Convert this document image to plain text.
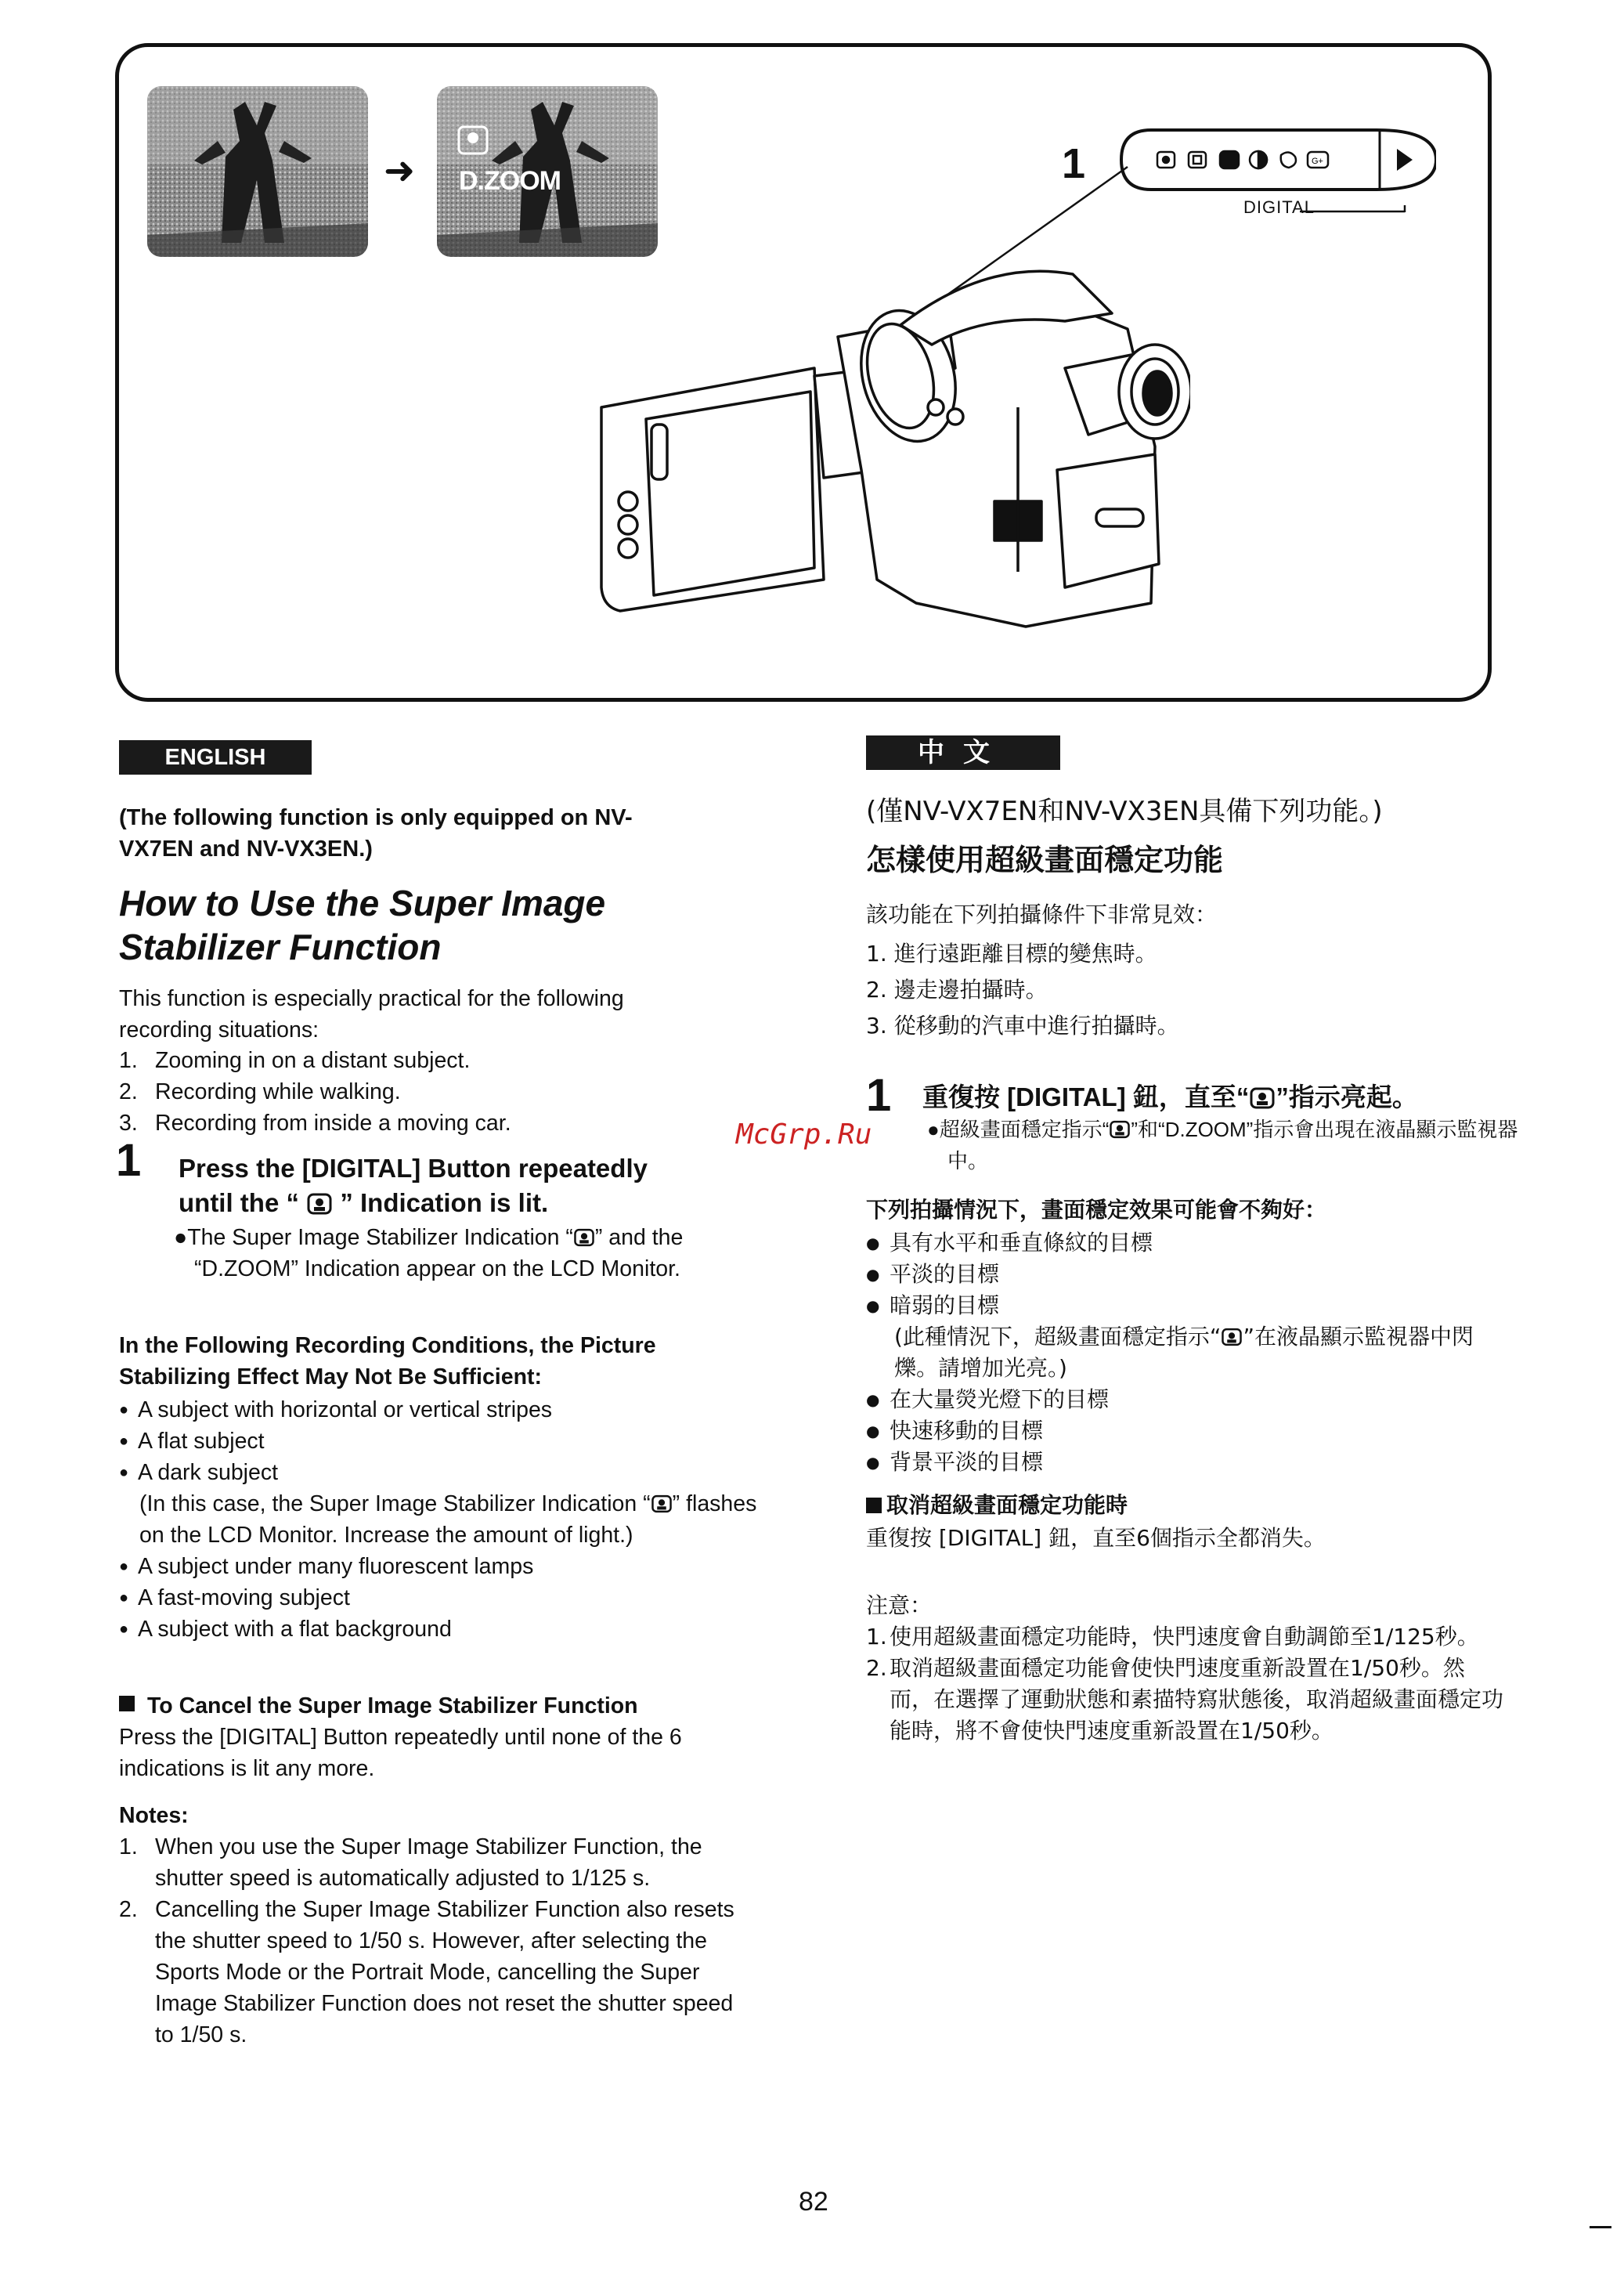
➜ D.ZOOM	1	G+
DIGITAL
ENGLISH	中文
(The following function is only equipped on NV-VX7EN and NV-VX3EN.)
How to Use the Super Image
Stabilizer Function
This function is especially practical for the following recording situations:
1. Zooming in on a distant subject.
2. Recording while walking.
3. Recording from inside a moving car.
1 Press the [DIGITAL] Button repeatedly
until the “ ” Indication is lit.
●The Super Image Stabilizer Indication “ ” and the “D.ZOOM” Indication appear on the LCD Monitor.
In the Following Recording Conditions, the Picture Stabilizing Effect May Not Be Sufficient:
● A subject with horizontal or vertical stripes
● A flat subject
● A dark subject
(In this case, the Super Image Stabilizer Indication “ ” flashes on the LCD Monitor. Increase the amount of light.)
● A subject under many fluorescent lamps
● A fast-moving subject
● A subject with a flat background
To Cancel the Super Image Stabilizer Function
Press the [DIGITAL] Button repeatedly until none of the 6 indications is lit any more.
Notes:
1. When you use the Super Image Stabilizer Function, the shutter speed is automatically adjusted to 1/125 s.
2. Cancelling the Super Image Stabilizer Function also resets the shutter speed to 1/50 s. However, after selecting the Sports Mode or the Portrait Mode, cancelling the Super Image Stabilizer Function does not reset the shutter speed to 1/50 s.
McGrp.Ru
(僅NV-VX7EN和NV-VX3EN具備下列功能。)
怎樣使用超級畫面穩定功能
該功能在下列拍攝條件下非常見效：
1. 進行遠距離目標的變焦時。
2. 邊走邊拍攝時。
3. 從移動的汽車中進行拍攝時。
1 重復按 [DIGITAL] 鈕，直至“ ”指示亮起。
●超級畫面穩定指示“ ”和“D.ZOOM”指示會出現在液晶顯示監視器中。
下列拍攝情況下，畫面穩定效果可能會不夠好：
● 具有水平和垂直條紋的目標
● 平淡的目標
● 暗弱的目標
(此種情況下，超級畫面穩定指示“ ”在液晶顯示監視器中閃爍。請增加光亮。)
● 在大量熒光燈下的目標
● 快速移動的目標
● 背景平淡的目標
取消超級畫面穩定功能時
重復按 [DIGITAL] 鈕，直至6個指示全都消失。
注意：
1. 使用超級畫面穩定功能時，快門速度會自動調節至1/125秒。
2. 取消超級畫面穩定功能會使快門速度重新設置在1/50秒。然而，在選擇了運動狀態和素描特寫狀態後，取消超級畫面穩定功能時，將不會使快門速度重新設置在1/50秒。
82
